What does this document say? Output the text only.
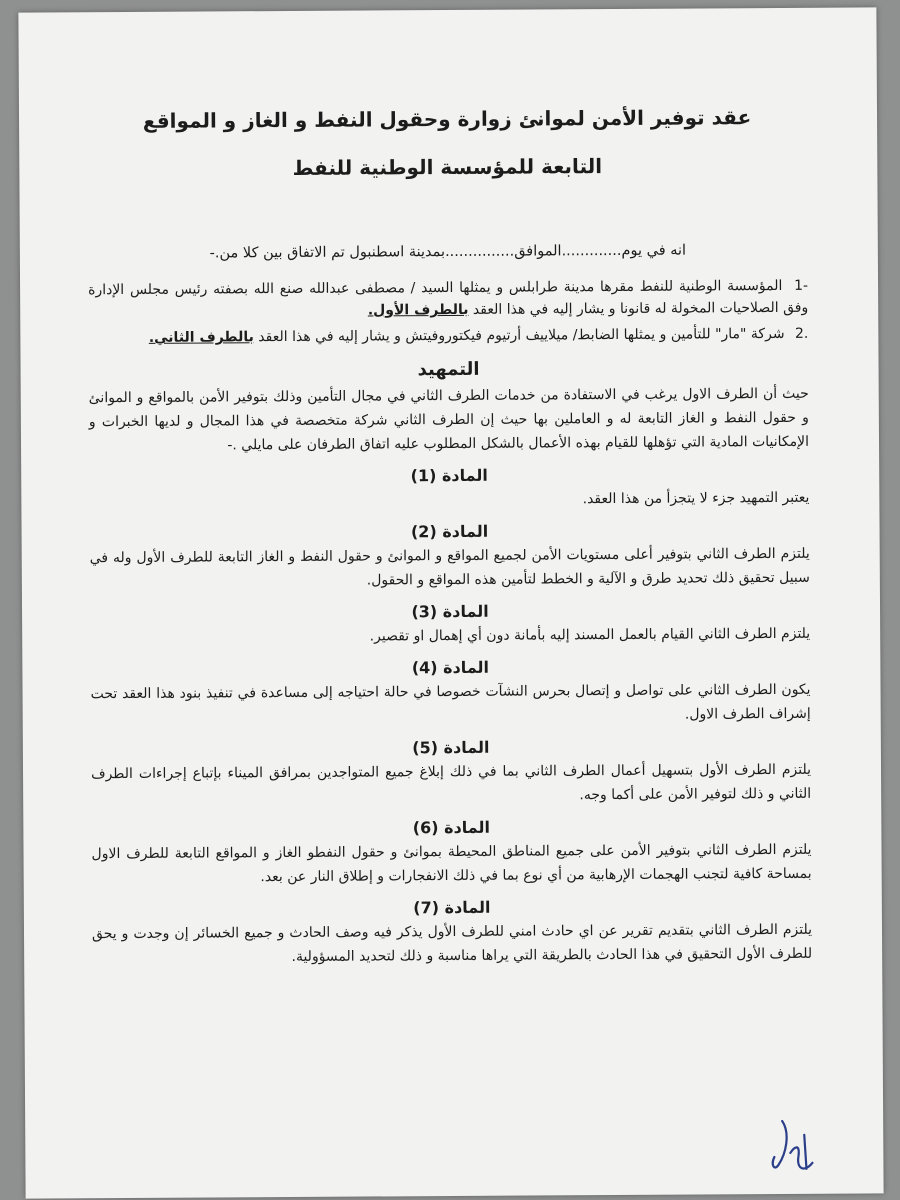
عقد توفير الأمن لموانئ زوارة وحقول النفط و الغاز و المواقع

التابعة للمؤسسة الوطنية للنفط

انه في يوم.............الموافق...............بمدينة اسطنبول تم الاتفاق بين كلا من.-
-1 المؤسسة الوطنية للنفط مقرها مدينة طرابلس و يمثلها السيد / مصطفى عبدالله صنع الله بصفته رئيس مجلس الإدارة وفق الصلاحيات المخولة له قانونا و يشار إليه في هذا العقد بالطرف الأول.
.2 شركة "مار" للتأمين و يمثلها الضابط/ ميلاييف أرتيوم فيكتوروفيتش و يشار إليه في هذا العقد بالطرف الثاني.
التمهيد

حيث أن الطرف الاول يرغب في الاستفادة من خدمات الطرف الثاني في مجال التأمين وذلك بتوفير الأمن بالمواقع و الموانئ و حقول النفط و الغاز التابعة له و العاملين بها حيث إن الطرف الثاني شركة متخصصة في هذا المجال و لديها الخبرات و الإمكانيات المادية التي تؤهلها للقيام بهذه الأعمال بالشكل المطلوب عليه اتفاق الطرفان على مايلي .-

المادة (1)

يعتبر التمهيد جزء لا يتجزأ من هذا العقد.

المادة (2)

يلتزم الطرف الثاني بتوفير أعلى مستويات الأمن لجميع المواقع و الموانئ و حقول النفط و الغاز التابعة للطرف الأول وله في سبيل تحقيق ذلك تحديد طرق و الآلية و الخطط لتأمين هذه المواقع و الحقول.

المادة (3)

يلتزم الطرف الثاني القيام بالعمل المسند إليه بأمانة دون أي إهمال او تقصير.

المادة (4)

يكون الطرف الثاني على تواصل و إتصال بحرس النشآت خصوصا في حالة احتياجه إلى مساعدة في تنفيذ بنود هذا العقد تحت إشراف الطرف الاول.

المادة (5)

يلتزم الطرف الأول بتسهيل أعمال الطرف الثاني بما في ذلك إبلاغ جميع المتواجدين بمرافق الميناء بإتباع إجراءات الطرف الثاني و ذلك لتوفير الأمن على أكما وجه.

المادة (6)

يلتزم الطرف الثاني بتوفير الأمن على جميع المناطق المحيطة بموانئ و حقول النفطو الغاز و المواقع التابعة للطرف الاول بمساحة كافية لتجنب الهجمات الإرهابية من أي نوع بما في ذلك الانفجارات و إطلاق النار عن بعد.

المادة (7)

يلتزم الطرف الثاني بتقديم تقرير عن اي حادث امني للطرف الأول يذكر فيه وصف الحادث و جميع الخسائر إن وجدت و يحق للطرف الأول التحقيق في هذا الحادث بالطريقة التي يراها مناسبة و ذلك لتحديد المسؤولية.
